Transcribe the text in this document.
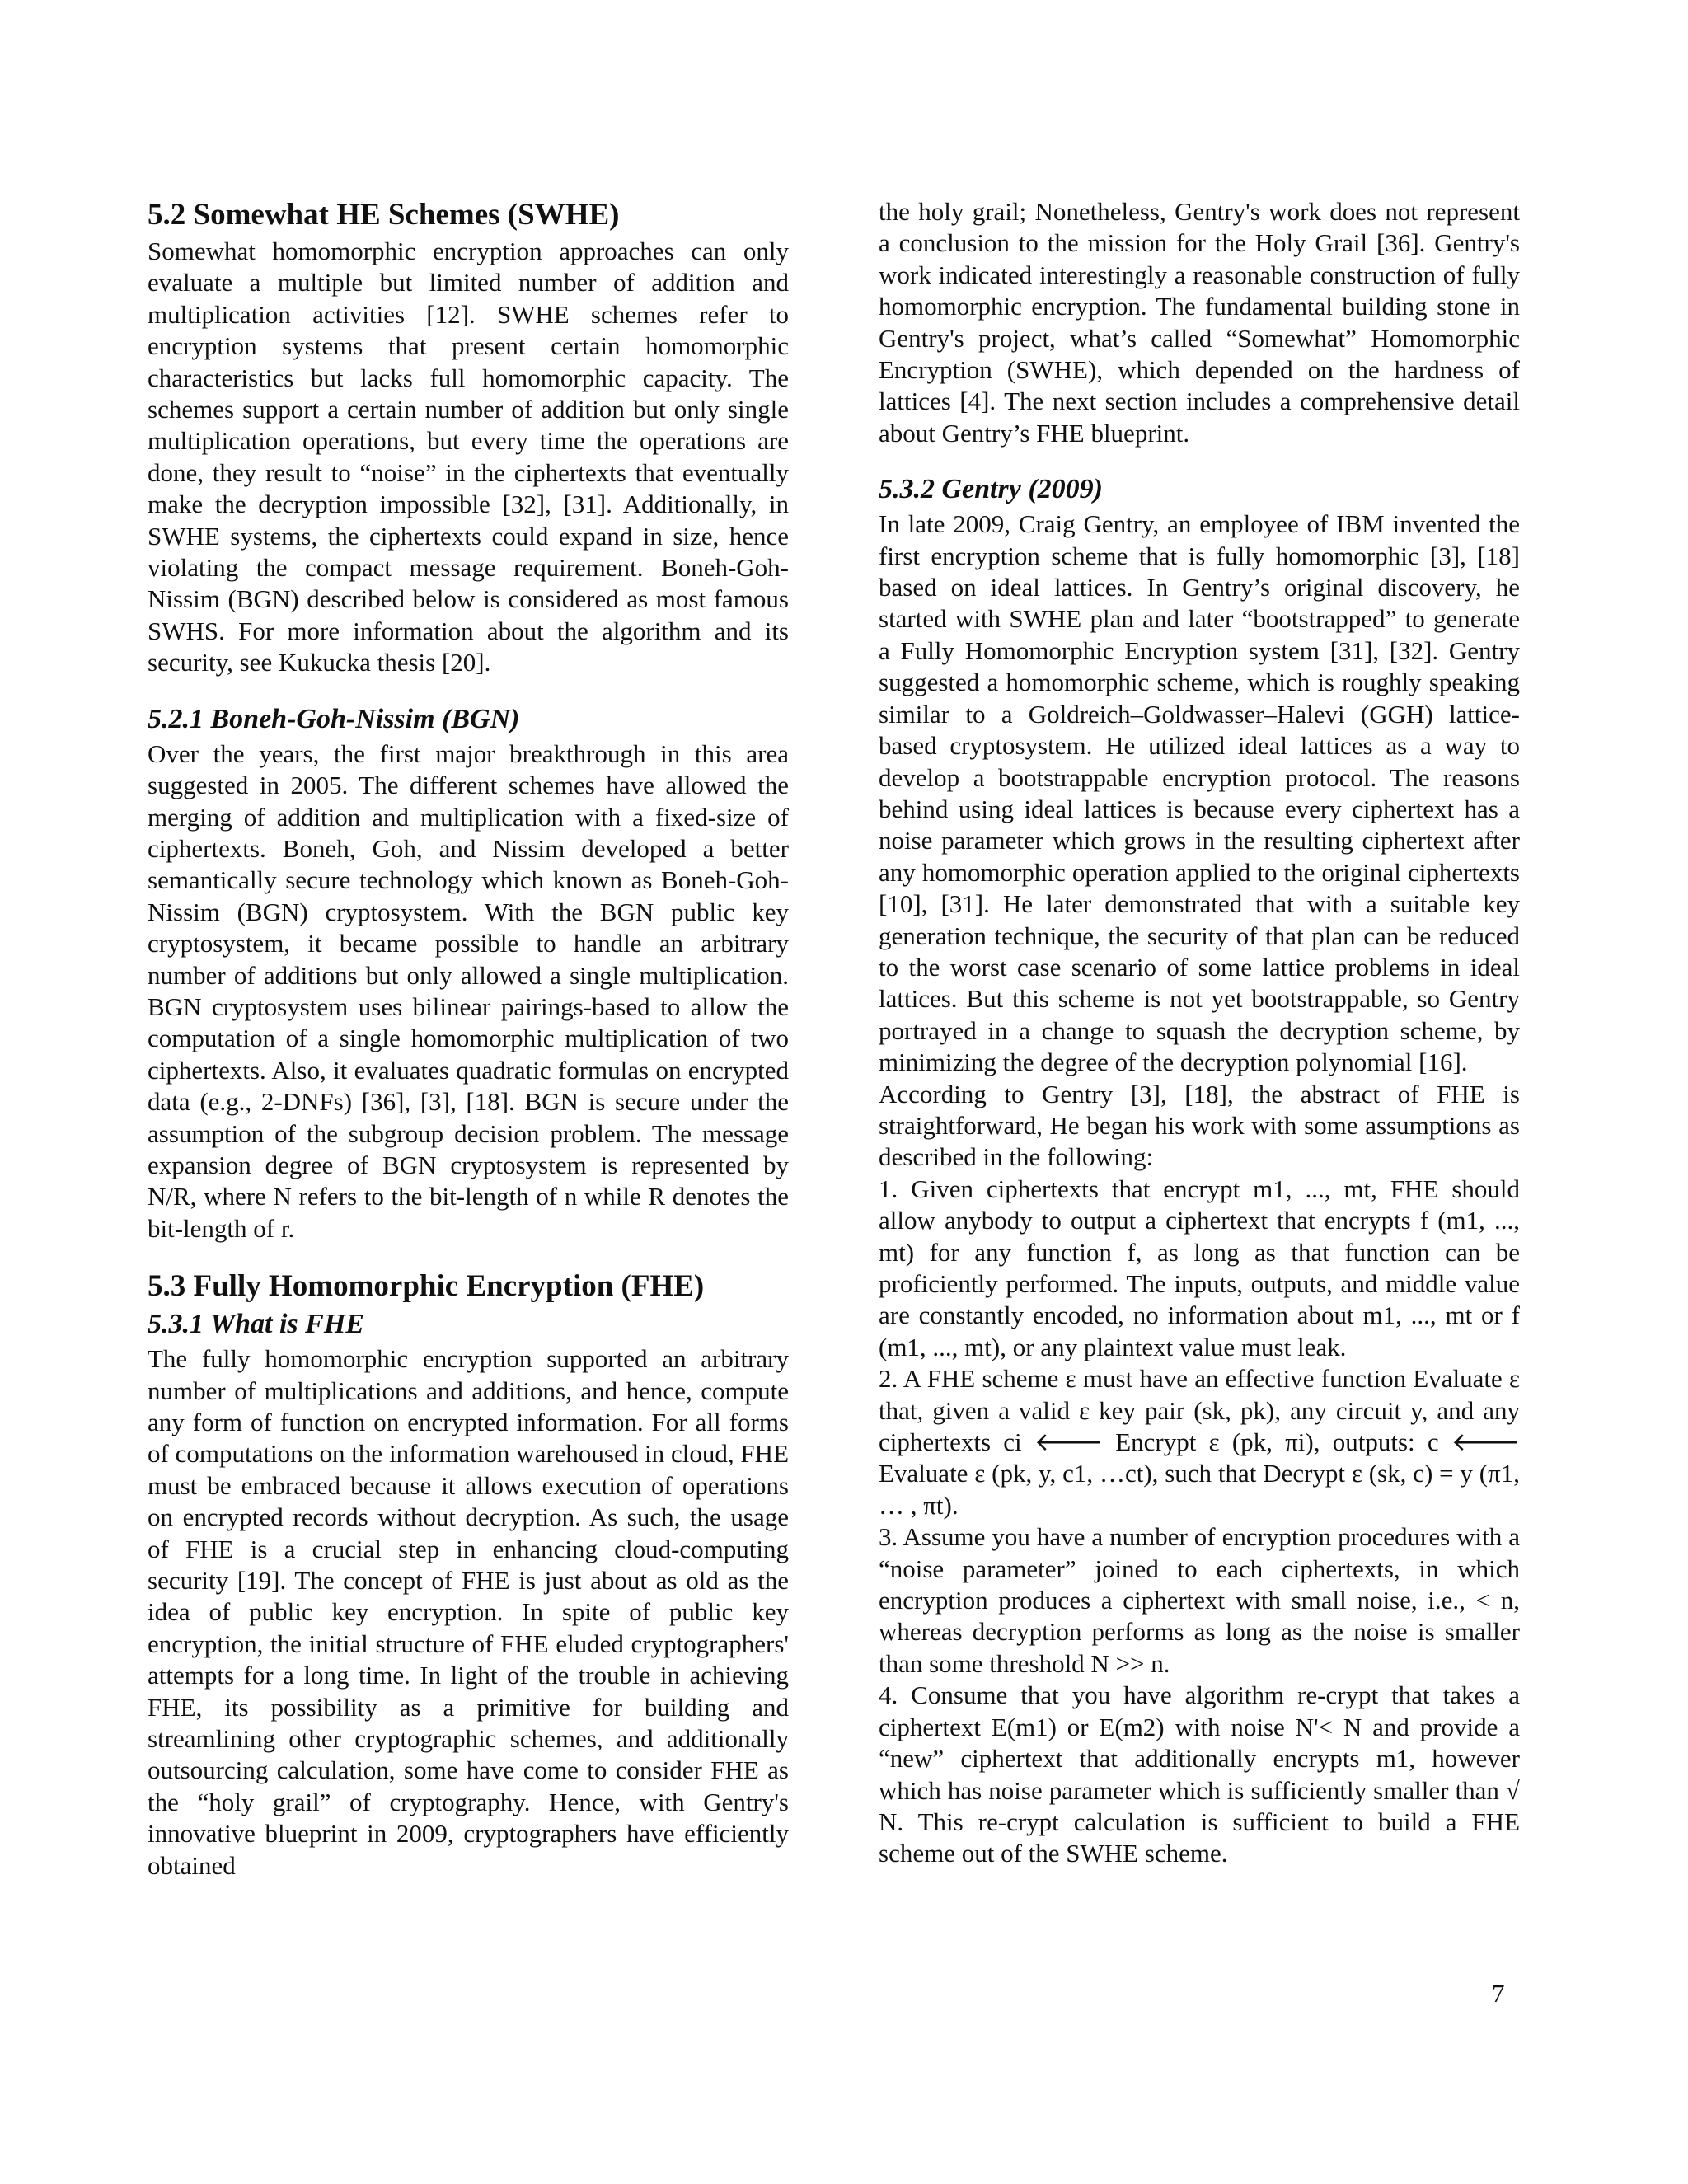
5.2 Somewhat HE Schemes (SWHE)

Somewhat homomorphic encryption approaches can only evaluate a multiple but limited number of addition and multiplication activities [12]. SWHE schemes refer to encryption systems that present certain homomorphic characteristics but lacks full homomorphic capacity. The schemes support a certain number of addition but only single multiplication operations, but every time the operations are done, they result to “noise” in the ciphertexts that eventually make the decryption impossible [32], [31]. Additionally, in SWHE systems, the ciphertexts could expand in size, hence violating the compact message requirement. Boneh-Goh-Nissim (BGN) described below is considered as most famous SWHS. For more information about the algorithm and its security, see Kukucka thesis [20].

5.2.1 Boneh-Goh-Nissim (BGN)

Over the years, the first major breakthrough in this area suggested in 2005. The different schemes have allowed the merging of addition and multiplication with a fixed-size of ciphertexts. Boneh, Goh, and Nissim developed a better semantically secure technology which known as Boneh-Goh-Nissim (BGN) cryptosystem. With the BGN public key cryptosystem, it became possible to handle an arbitrary number of additions but only allowed a single multiplication. BGN cryptosystem uses bilinear pairings-based to allow the computation of a single homomorphic multiplication of two ciphertexts. Also, it evaluates quadratic formulas on encrypted data (e.g., 2-DNFs) [36], [3], [18]. BGN is secure under the assumption of the subgroup decision problem. The message expansion degree of BGN cryptosystem is represented by N/R, where N refers to the bit-length of n while R denotes the bit-length of r.

5.3 Fully Homomorphic Encryption (FHE)
5.3.1 What is FHE

The fully homomorphic encryption supported an arbitrary number of multiplications and additions, and hence, compute any form of function on encrypted information. For all forms of computations on the information warehoused in cloud, FHE must be embraced because it allows execution of operations on encrypted records without decryption. As such, the usage of FHE is a crucial step in enhancing cloud-computing security [19]. The concept of FHE is just about as old as the idea of public key encryption. In spite of public key encryption, the initial structure of FHE eluded cryptographers' attempts for a long time. In light of the trouble in achieving FHE, its possibility as a primitive for building and streamlining other cryptographic schemes, and additionally outsourcing calculation, some have come to consider FHE as the “holy grail” of cryptography. Hence, with Gentry's innovative blueprint in 2009, cryptographers have efficiently obtained

the holy grail; Nonetheless, Gentry's work does not represent a conclusion to the mission for the Holy Grail [36]. Gentry's work indicated interestingly a reasonable construction of fully homomorphic encryption. The fundamental building stone in Gentry's project, what’s called “Somewhat” Homomorphic Encryption (SWHE), which depended on the hardness of lattices [4]. The next section includes a comprehensive detail about Gentry’s FHE blueprint.

5.3.2 Gentry (2009)

In late 2009, Craig Gentry, an employee of IBM invented the first encryption scheme that is fully homomorphic [3], [18] based on ideal lattices. In Gentry’s original discovery, he started with SWHE plan and later “bootstrapped” to generate a Fully Homomorphic Encryption system [31], [32]. Gentry suggested a homomorphic scheme, which is roughly speaking similar to a Goldreich–Goldwasser–Halevi (GGH) lattice-based cryptosystem. He utilized ideal lattices as a way to develop a bootstrappable encryption protocol. The reasons behind using ideal lattices is because every ciphertext has a noise parameter which grows in the resulting ciphertext after any homomorphic operation applied to the original ciphertexts [10], [31]. He later demonstrated that with a suitable key generation technique, the security of that plan can be reduced to the worst case scenario of some lattice problems in ideal lattices. But this scheme is not yet bootstrappable, so Gentry portrayed in a change to squash the decryption scheme, by minimizing the degree of the decryption polynomial [16].

According to Gentry [3], [18], the abstract of FHE is straightforward, He began his work with some assumptions as described in the following:

1. Given ciphertexts that encrypt m1, ..., mt, FHE should allow anybody to output a ciphertext that encrypts f (m1, ..., mt) for any function f, as long as that function can be proficiently performed. The inputs, outputs, and middle value are constantly encoded, no information about m1, ..., mt or f (m1, ..., mt), or any plaintext value must leak.

2. A FHE scheme ε must have an effective function Evaluate ε that, given a valid ε key pair (sk, pk), any circuit y, and any ciphertexts ci 🡐 Encrypt ε (pk, πi), outputs: c 🡐 Evaluate ε (pk, y, c1, …ct), such that Decrypt ε (sk, c) = y (π1, … , πt).

3. Assume you have a number of encryption procedures with a “noise parameter” joined to each ciphertexts, in which encryption produces a ciphertext with small noise, i.e., < n, whereas decryption performs as long as the noise is smaller than some threshold N >> n.

4. Consume that you have algorithm re-crypt that takes a ciphertext E(m1) or E(m2) with noise N'< N and provide a “new” ciphertext that additionally encrypts m1, however which has noise parameter which is sufficiently smaller than √ N. This re-crypt calculation is sufficient to build a FHE scheme out of the SWHE scheme.

7
